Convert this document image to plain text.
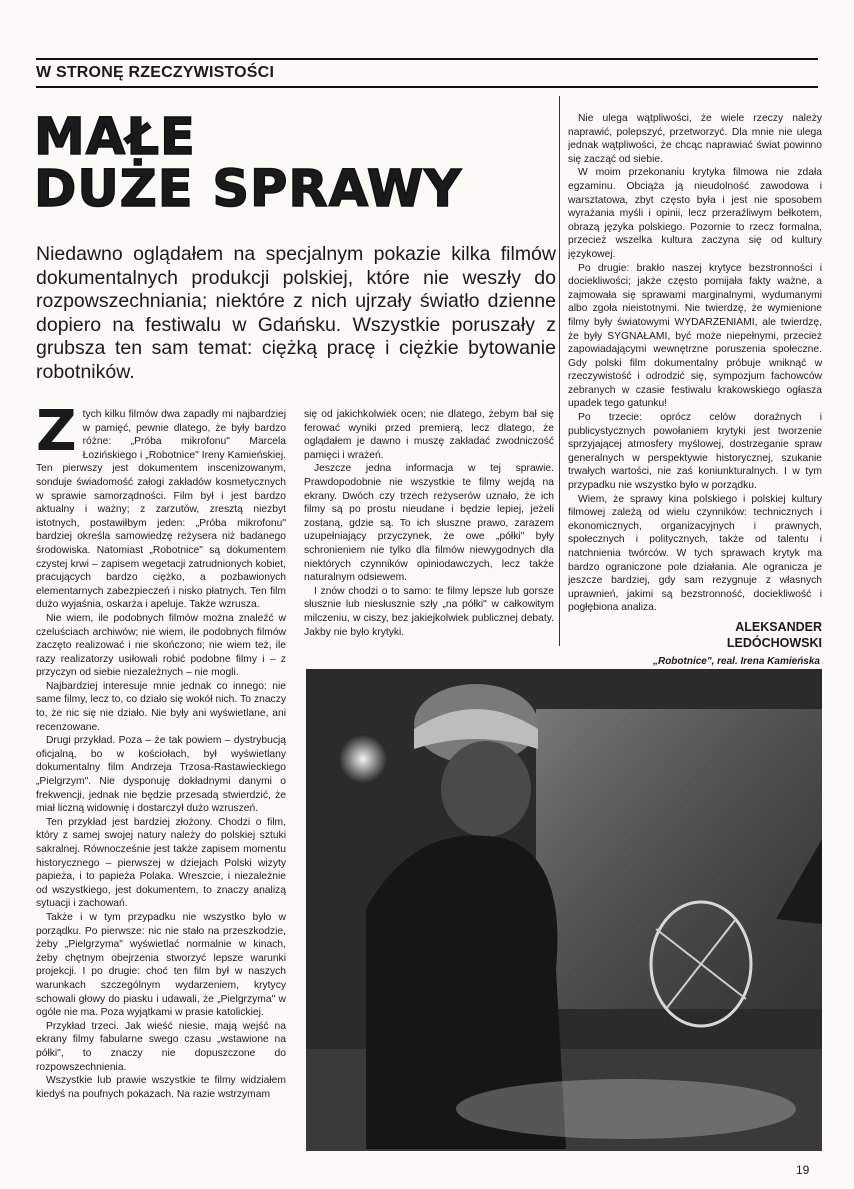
W STRONĘ RZECZYWISTOŚCI
MAŁE
DUŻE SPRAWY
Niedawno oglądałem na specjalnym pokazie kilka filmów dokumentalnych produkcji polskiej, które nie weszły do rozpowszechniania; niektóre z nich ujrzały światło dzienne dopiero na festiwalu w Gdańsku. Wszystkie poruszały z grubsza ten sam temat: ciężką pracę i ciężkie bytowanie robotników.

Ztych kilku filmów dwa zapadły mi najbardziej w pamięć, pewnie dlatego, że były bardzo różne: „Próba mikrofonu" Marcela Łozińskiego i „Robotnice" Ireny Kamieńskiej. Ten pierwszy jest dokumentem inscenizowanym, sonduje świadomość załogi zakładów kosmetycznych w sprawie samorządności. Film był i jest bardzo aktualny i ważny; z zarzutów, zresztą niezbyt istotnych, postawiłbym jeden: „Próba mikrofonu" bardziej określa samowiedzę reżysera niż badanego środowiska. Natomiast „Robotnice" są dokumentem czystej krwi – zapisem wegetacji zatrudnionych kobiet, pracujących bardzo ciężko, a pozbawionych elementarnych zabezpieczeń i nisko płatnych. Ten film dużo wyjaśnia, oskarża i apeluje. Także wzrusza.

Nie wiem, ile podobnych filmów można znaleźć w czeluściach archiwów; nie wiem, ile podobnych filmów zaczęto realizować i nie skończono; nie wiem też, ile razy realizatorzy usiłowali robić podobne filmy i – z przyczyn od siebie niezależnych – nie mogli.

Najbardziej interesuje mnie jednak co innego: nie same filmy, lecz to, co działo się wokół nich. To znaczy to, że nic się nie działo. Nie były ani wyświetlane, ani recenzowane.

Drugi przykład. Poza – że tak powiem – dystrybucją oficjalną, bo w kościołach, był wyświetlany dokumentalny film Andrzeja Trzosa-Rastawieckiego „Pielgrzym". Nie dysponuję dokładnymi danymi o frekwencji, jednak nie będzie przesadą stwierdzić, że miał liczną widownię i dostarczył dużo wzruszeń.

Ten przykład jest bardziej złożony. Chodzi o film, który z samej swojej natury należy do polskiej sztuki sakralnej. Równocześnie jest także zapisem momentu historycznego – pierwszej w dziejach Polski wizyty papieża, i to papieża Polaka. Wreszcie, i niezależnie od wszystkiego, jest dokumentem, to znaczy analizą sytuacji i zachowań.

Także i w tym przypadku nie wszystko było w porządku. Po pierwsze: nic nie stało na przeszkodzie, żeby „Pielgrzyma" wyświetlać normalnie w kinach, żeby chętnym obejrzenia stworzyć lepsze warunki projekcji. I po drugie: choć ten film był w naszych warunkach szczególnym wydarzeniem, krytycy schowali głowy do piasku i udawali, że „Pielgrzyma" w ogóle nie ma. Poza wyjątkami w prasie katolickiej.

Przykład trzeci. Jak wieść niesie, mają wejść na ekrany filmy fabularne swego czasu „wstawione na półki", to znaczy nie dopuszczone do rozpowszechnienia.

Wszystkie lub prawie wszystkie te filmy widziałem kiedyś na poufnych pokazach. Na razie wstrzymam

się od jakichkolwiek ocen; nie dlatego, żebym bał się ferować wyniki przed premierą, lecz dlatego, że oglądałem je dawno i muszę zakładać zwodniczość pamięci i wrażeń.

Jeszcze jedna informacja w tej sprawie. Prawdopodobnie nie wszystkie te filmy wejdą na ekrany. Dwóch czy trzech reżyserów uznało, że ich filmy są po prostu nieudane i będzie lepiej, jeżeli zostaną, gdzie są. To ich słuszne prawo, zarazem uzupełniający przyczynek, że owe „półki" były schronieniem nie tylko dla filmów niewygodnych dla niektórych czynników opiniodawczych, lecz także naturalnym odsiewem.

I znów chodzi o to samo: te filmy lepsze lub gorsze słusznie lub niesłusznie szły „na półki" w całkowitym milczeniu, w ciszy, bez jakiejkolwiek publicznej debaty. Jakby nie było krytyki.

Nie ulega wątpliwości, że wiele rzeczy należy naprawić, polepszyć, przetworzyć. Dla mnie nie ulega jednak wątpliwości, że chcąc naprawiać świat powinno się zacząć od siebie.

W moim przekonaniu krytyka filmowa nie zdała egzaminu. Obciąża ją nieudolność zawodowa i warsztatowa, zbyt często była i jest nie sposobem wyrażania myśli i opinii, lecz przeraźliwym bełkotem, obrazą języka polskiego. Pozornie to rzecz formalna, przecież wszelka kultura zaczyna się od kultury językowej.

Po drugie: brakło naszej krytyce bezstronności i dociekliwości; jakże często pomijała fakty ważne, a zajmowała się sprawami marginalnymi, wydumanymi albo zgoła nieistotnymi. Nie twierdzę, że wymienione filmy były światowymi WYDARZENIAMI, ale twierdzę, że były SYGNAŁAMI, być może niepełnymi, przecież zapowiadającymi wewnętrzne poruszenia społeczne. Gdy polski film dokumentalny próbuje wniknąć w rzeczywistość i odrodzić się, sympozjum fachowców zebranych w czasie festiwalu krakowskiego ogłasza upadek tego gatunku!

Po trzecie: oprócz celów doraźnych i publicystycznych powołaniem krytyki jest tworzenie sprzyjającej atmosfery myślowej, dostrzeganie spraw generalnych w perspektywie historycznej, szukanie trwałych wartości, nie zaś koniunkturalnych. I w tym przypadku nie wszystko było w porządku.

Wiem, że sprawy kina polskiego i polskiej kultury filmowej zależą od wielu czynników: technicznych i ekonomicznych, organizacyjnych i prawnych, społecznych i politycznych, także od talentu i natchnienia twórców. W tych sprawach krytyk ma bardzo ograniczone pole działania. Ale ogranicza je jeszcze bardziej, gdy sam rezygnuje z własnych uprawnień, jakimi są bezstronność, dociekliwość i pogłębiona analiza.

ALEKSANDER
LEDÓCHOWSKI
„Robotnice", real. Irena Kamieńska
19
